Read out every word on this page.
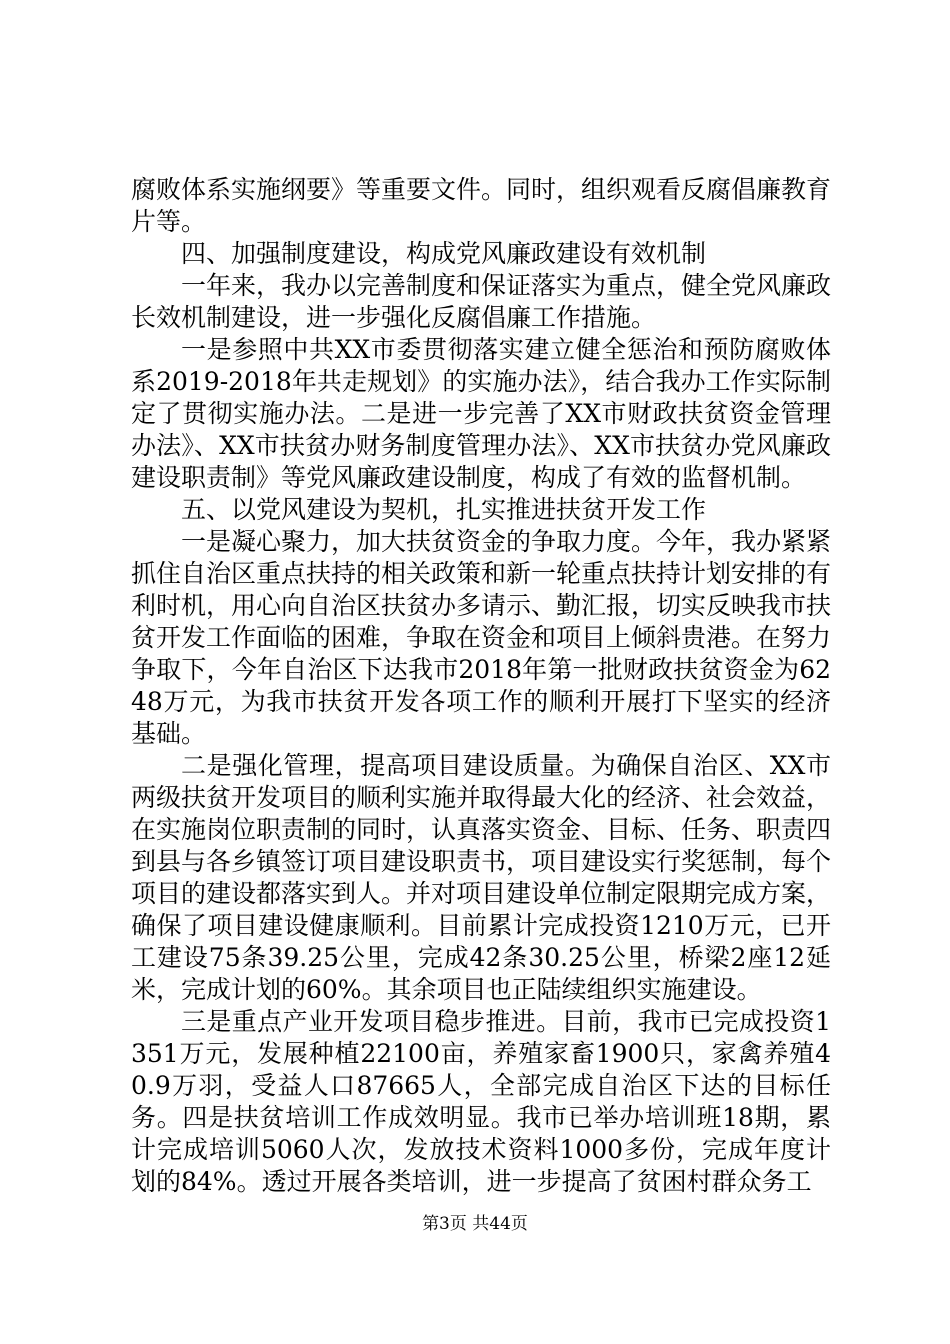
腐败体系实施纲要》等重要文件。同时，组织观看反腐倡廉教育片等。

四、加强制度建设，构成党风廉政建设有效机制

一年来，我办以完善制度和保证落实为重点，健全党风廉政长效机制建设，进一步强化反腐倡廉工作措施。

一是参照中共XX市委贯彻落实建立健全惩治和预防腐败体系2019-2018年共走规划》的实施办法》，结合我办工作实际制定了贯彻实施办法。二是进一步完善了XX市财政扶贫资金管理办法》、XX市扶贫办财务制度管理办法》、XX市扶贫办党风廉政建设职责制》等党风廉政建设制度，构成了有效的监督机制。

五、以党风建设为契机，扎实推进扶贫开发工作

一是凝心聚力，加大扶贫资金的争取力度。今年，我办紧紧抓住自治区重点扶持的相关政策和新一轮重点扶持计划安排的有利时机，用心向自治区扶贫办多请示、勤汇报，切实反映我市扶贫开发工作面临的困难，争取在资金和项目上倾斜贵港。在努力争取下，今年自治区下达我市2018年第一批财政扶贫资金为6248万元，为我市扶贫开发各项工作的顺利开展打下坚实的经济基础。

二是强化管理，提高项目建设质量。为确保自治区、XX市两级扶贫开发项目的顺利实施并取得最大化的经济、社会效益，在实施岗位职责制的同时，认真落实资金、目标、任务、职责四到县与各乡镇签订项目建设职责书，项目建设实行奖惩制，每个项目的建设都落实到人。并对项目建设单位制定限期完成方案，确保了项目建设健康顺利。目前累计完成投资1210万元，已开工建设75条39.25公里，完成42条30.25公里，桥梁2座12延米，完成计划的60%。其余项目也正陆续组织实施建设。

三是重点产业开发项目稳步推进。目前，我市已完成投资1351万元，发展种植22100亩，养殖家畜1900只，家禽养殖40.9万羽，受益人口87665人，全部完成自治区下达的目标任务。四是扶贫培训工作成效明显。我市已举办培训班18期，累计完成培训5060人次，发放技术资料1000多份，完成年度计划的84%。透过开展各类培训，进一步提高了贫困村群众务工

第3页 共44页
